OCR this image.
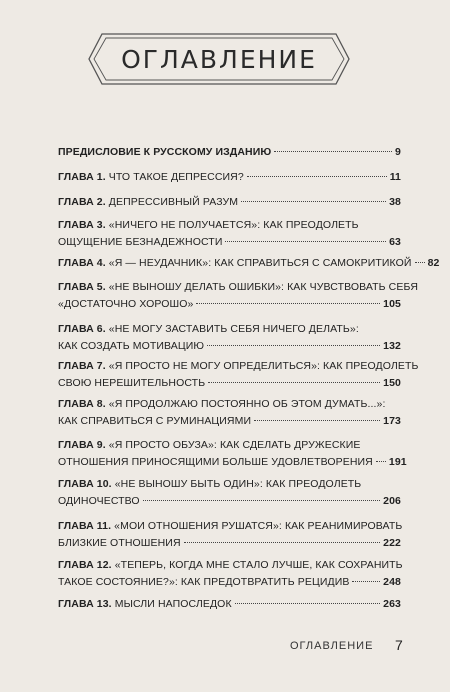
ОГЛАВЛЕНИЕ
ПРЕДИСЛОВИЕ К РУССКОМУ ИЗДАНИЮ	9
ГЛАВА 1. ЧТО ТАКОЕ ДЕПРЕССИЯ?	11
ГЛАВА 2. ДЕПРЕССИВНЫЙ РАЗУМ	38
ГЛАВА 3. «НИЧЕГО НЕ ПОЛУЧАЕТСЯ»: КАК ПРЕОДОЛЕТЬ
ОЩУЩЕНИЕ БЕЗНАДЕЖНОСТИ	63
ГЛАВА 4. «Я — НЕУДАЧНИК»: КАК СПРАВИТЬСЯ С САМОКРИТИКОЙ 82
ГЛАВА 5. «НЕ ВЫНОШУ ДЕЛАТЬ ОШИБКИ»: КАК ЧУВСТВОВАТЬ СЕБЯ
«ДОСТАТОЧНО ХОРОШО»	105
ГЛАВА 6. «НЕ МОГУ ЗАСТАВИТЬ СЕБЯ НИЧЕГО ДЕЛАТЬ»:
КАК СОЗДАТЬ МОТИВАЦИЮ	132
ГЛАВА 7. «Я ПРОСТО НЕ МОГУ ОПРЕДЕЛИТЬСЯ»: КАК ПРЕОДОЛЕТЬ
СВОЮ НЕРЕШИТЕЛЬНОСТЬ	150
ГЛАВА 8. «Я ПРОДОЛЖАЮ ПОСТОЯННО ОБ ЭТОМ ДУМАТЬ...»:
КАК СПРАВИТЬСЯ С РУМИНАЦИЯМИ	173
ГЛАВА 9. «Я ПРОСТО ОБУЗА»: КАК СДЕЛАТЬ ДРУЖЕСКИЕ
ОТНОШЕНИЯ ПРИНОСЯЩИМИ БОЛЬШЕ УДОВЛЕТВОРЕНИЯ 191
ГЛАВА 10. «НЕ ВЫНОШУ БЫТЬ ОДИН»: КАК ПРЕОДОЛЕТЬ
ОДИНОЧЕСТВО	206
ГЛАВА 11. «МОИ ОТНОШЕНИЯ РУШАТСЯ»: КАК РЕАНИМИРОВАТЬ
БЛИЗКИЕ ОТНОШЕНИЯ	222
ГЛАВА 12. «ТЕПЕРЬ, КОГДА МНЕ СТАЛО ЛУЧШЕ, КАК СОХРАНИТЬ
ТАКОЕ СОСТОЯНИЕ?»: КАК ПРЕДОТВРАТИТЬ РЕЦИДИВ	248
ГЛАВА 13. МЫСЛИ НАПОСЛЕДОК	263
ОГЛАВЛЕНИЕ 7
